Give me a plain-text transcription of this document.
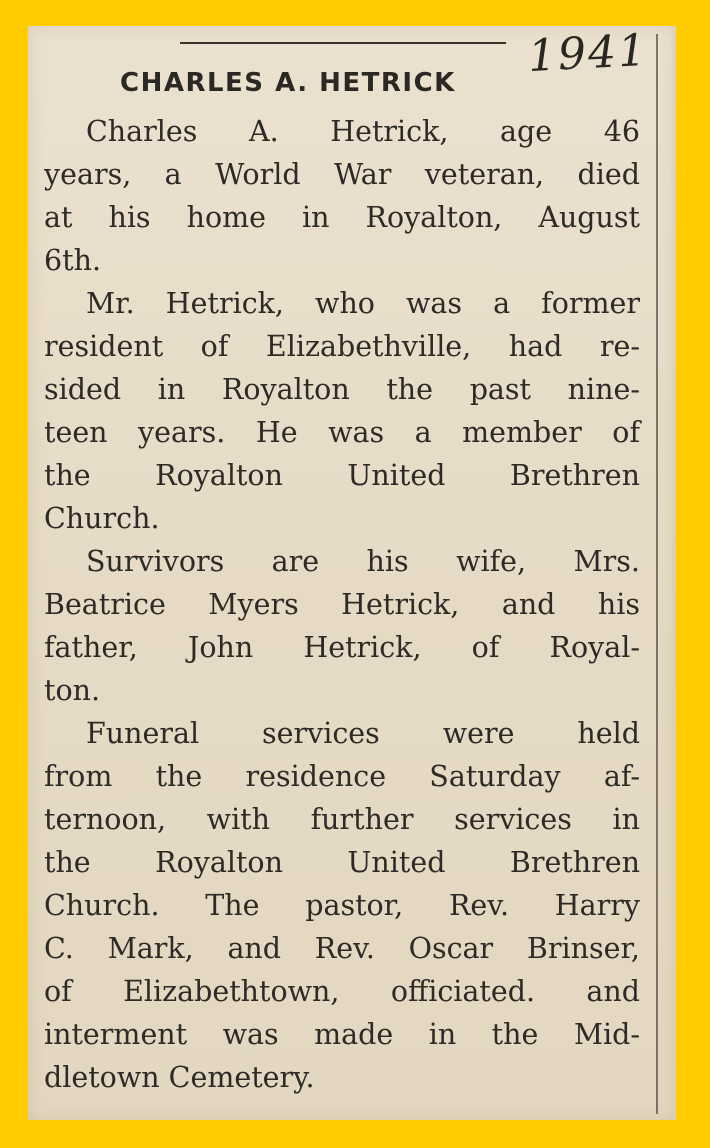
1941
CHARLES A. HETRICK
Charles A. Hetrick, age 46
years, a World War veteran, died
at his home in Royalton, August
6th.
Mr. Hetrick, who was a former
resident of Elizabethville, had re-
sided in Royalton the past nine-
teen years. He was a member of
the Royalton United Brethren
Church.
Survivors are his wife, Mrs.
Beatrice Myers Hetrick, and his
father, John Hetrick, of Royal-
ton.
Funeral services were held
from the residence Saturday af-
ternoon, with further services in
the Royalton United Brethren
Church. The pastor, Rev. Harry
C. Mark, and Rev. Oscar Brinser,
of Elizabethtown, officiated. and
interment was made in the Mid-
dletown Cemetery.
